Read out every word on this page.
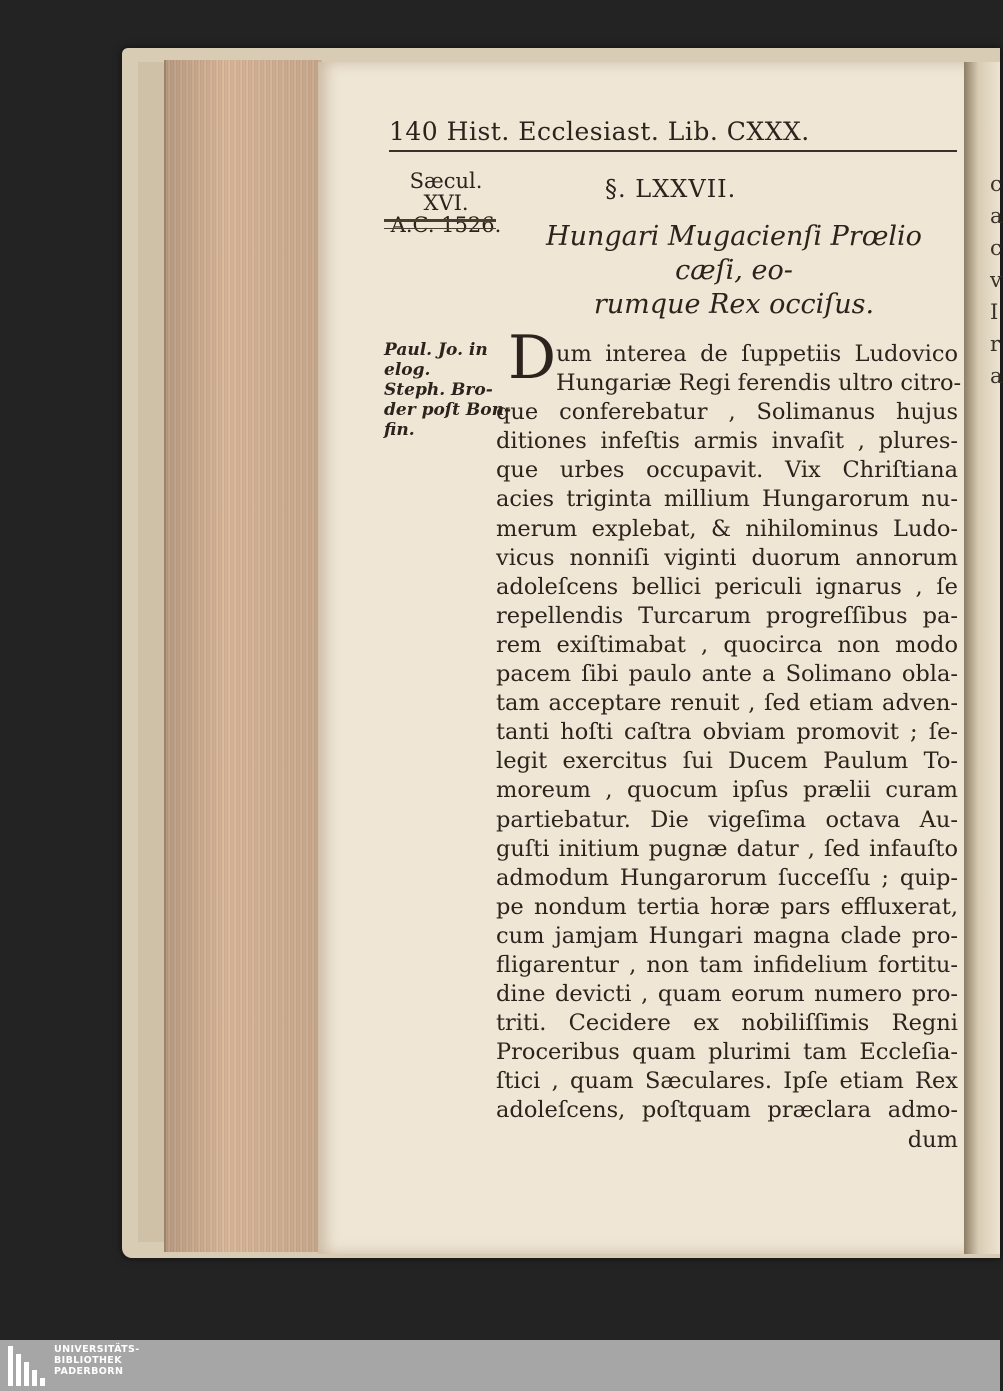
c
a
c
v
I
r
a
140 Hist. Ecclesiast. Lib. CXXX.
Sæcul. XVI.
A.C. 1526.
§. LXXVII.
Hungari Mugacienſi Prœlio cæſi, eo-
rumque Rex occiſus.
Paul. Jo. in
elog.
Steph. Bro-
der poſt Bon-
fin.
D um interea de ſuppetiis Ludovico
Hungariæ Regi ferendis ultro citro-
que conferebatur , Solimanus hujus
ditiones infeſtis armis invaſit , plures-
que urbes occupavit. Vix Chriſtiana
acies triginta millium Hungarorum nu-
merum explebat, & nihilominus Ludo-
vicus nonniſi viginti duorum annorum
adoleſcens bellici periculi ignarus , ſe
repellendis Turcarum progreſſibus pa-
rem exiſtimabat , quocirca non modo
pacem ſibi paulo ante a Solimano obla-
tam acceptare renuit , ſed etiam adven-
tanti hoſti caſtra obviam promovit ; ſe-
legit exercitus ſui Ducem Paulum To-
moreum , quocum ipſus prælii curam
partiebatur. Die vigeſima octava Au-
guſti initium pugnæ datur , ſed infauſto
admodum Hungarorum ſucceſſu ; quip-
pe nondum tertia horæ pars effluxerat,
cum jamjam Hungari magna clade pro-
fligarentur , non tam infidelium fortitu-
dine devicti , quam eorum numero pro-
triti. Cecidere ex nobiliſſimis Regni
Proceribus quam plurimi tam Eccleſia-
ſtici , quam Sæculares. Ipſe etiam Rex
adoleſcens, poſtquam præclara admo-
dum
UNIVERSITÄTS-
BIBLIOTHEK
PADERBORN
